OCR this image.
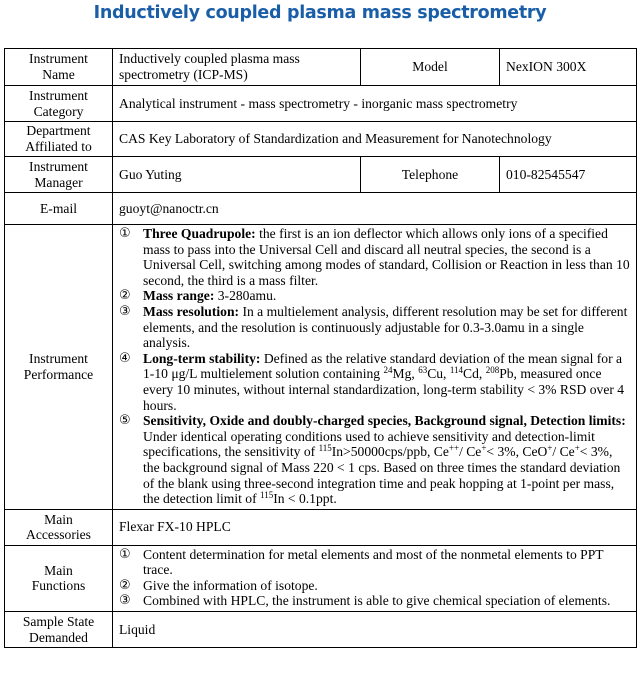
Inductively coupled plasma mass spectrometry
Instrument
Name	Inductively coupled plasma mass spectrometry (ICP-MS)	Model	NexION 300X
Instrument
Category	Analytical instrument - mass spectrometry - inorganic mass spectrometry		
Department
Affiliated to	CAS Key Laboratory of Standardization and Measurement for Nanotechnology		
Instrument
Manager	Guo Yuting	Telephone	010-82545547
E-mail	guoyt@nanoctr.cn		
Instrument
Performance	
① Three Quadrupole: the first is an ion deflector which allows only ions of a specified mass to pass into the Universal Cell and discard all neutral species, the second is a Universal Cell, switching among modes of standard, Collision or Reaction in less than 10 second, the third is a mass filter.
② Mass range: 3-280amu.
③ Mass resolution: In a multielement analysis, different resolution may be set for different elements, and the resolution is continuously adjustable for 0.3-3.0amu in a single analysis.
④ Long-term stability: Defined as the relative standard deviation of the mean signal for a 1-10 μg/L multielement solution containing $^{24}$Mg, $^{63}$Cu, $^{114}$Cd, $^{208}$Pb, measured once every 10 minutes, without internal standardization, long-term stability < 3% RSD over 4 hours.
⑤ Sensitivity, Oxide and doubly-charged species, Background signal, Detection limits: Under identical operating conditions used to achieve sensitivity and detection-limit specifications, the sensitivity of $^{115}$In>50000cps/ppb, Ce++/ Ce+< 3%, CeO+/ Ce+< 3%, the background signal of Mass 220 < 1 cps. Based on three times the standard deviation of the blank using three-second integration time and peak hopping at 1-point per mass, the detection limit of $^{115}$In < 0.1ppt.

Main
Accessories	Flexar FX-10 HPLC		
Main
Functions	
① Content determination for metal elements and most of the nonmetal elements to PPT trace.
② Give the information of isotope.
③ Combined with HPLC, the instrument is able to give chemical speciation of elements.

Sample State
Demanded	Liquid		
